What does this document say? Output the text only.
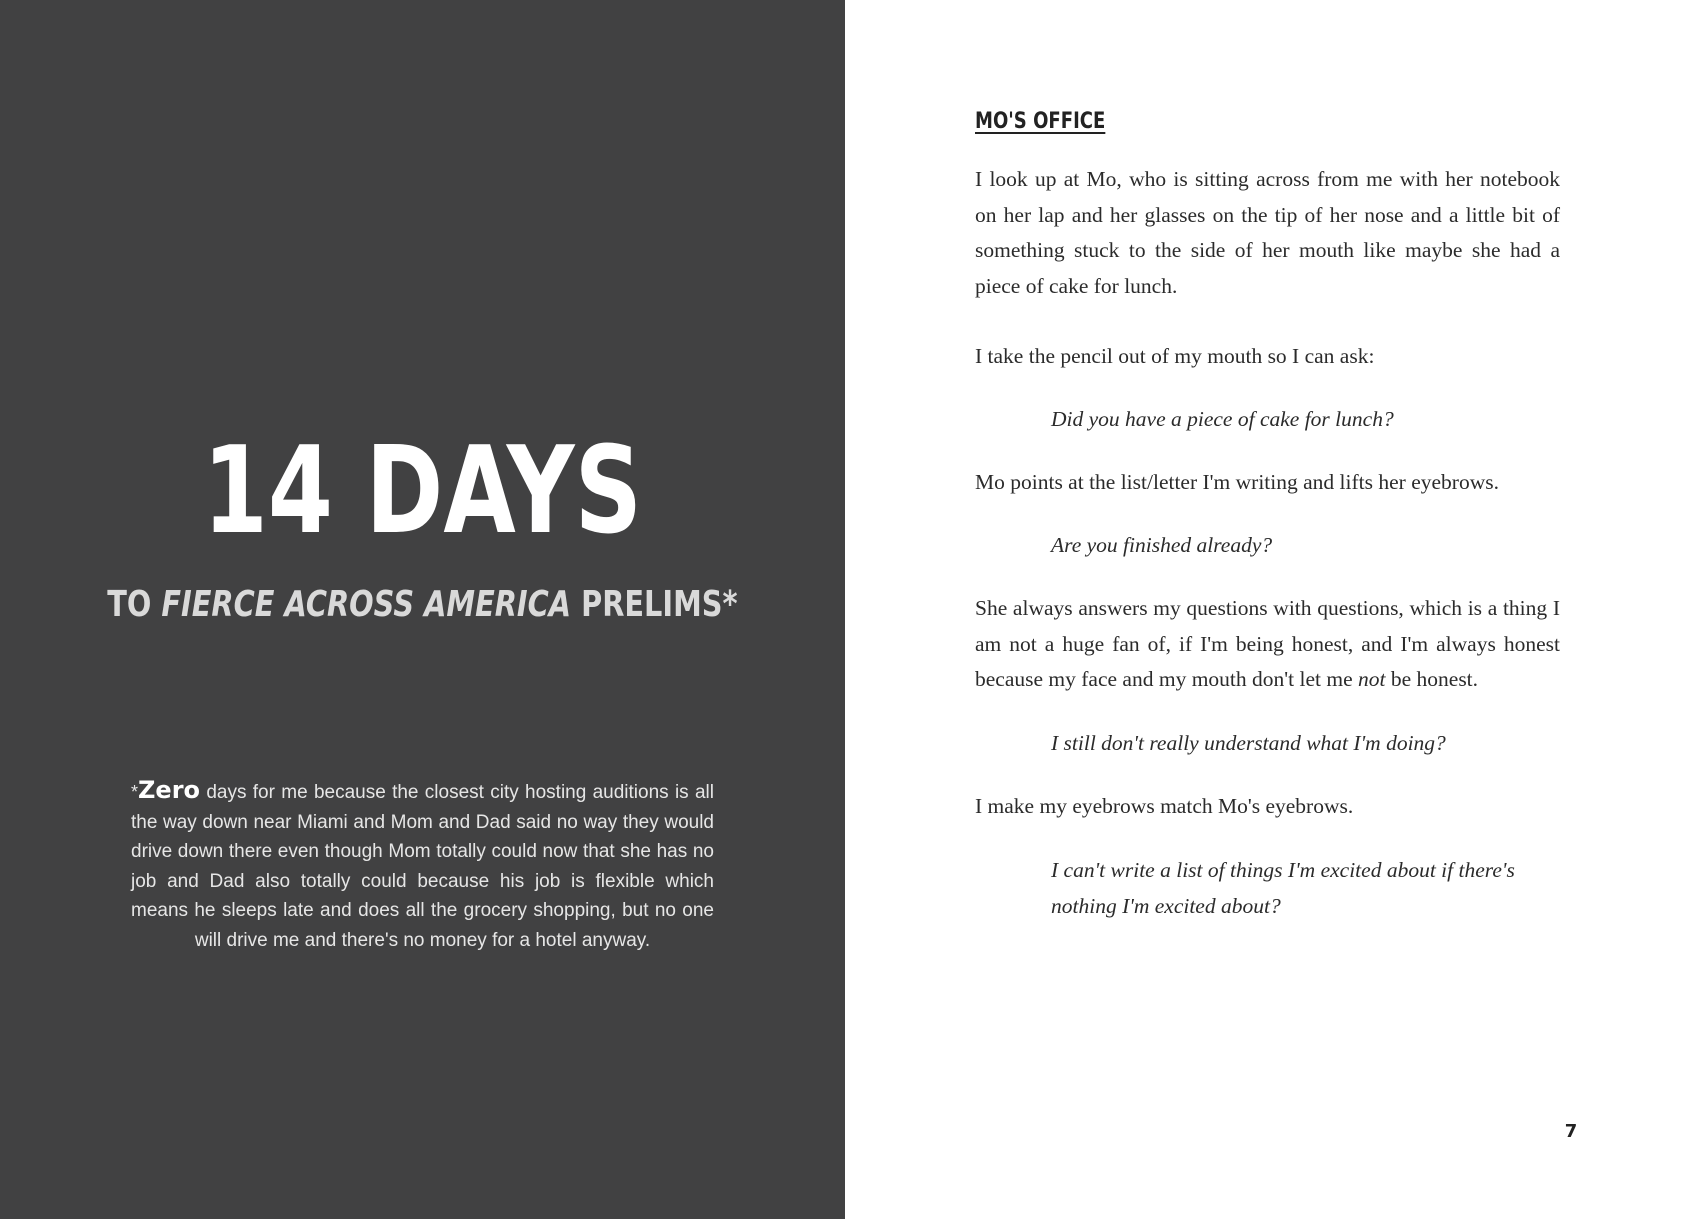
14 DAYS
TO FIERCE ACROSS AMERICA PRELIMS*
*Zero days for me because the closest city hosting auditions is all the way down near Miami and Mom and Dad said no way they would drive down there even though Mom totally could now that she has no job and Dad also totally could because his job is flexible which means he sleeps late and does all the grocery shopping, but no one will drive me and there's no money for a hotel anyway.
MO'S OFFICE

I look up at Mo, who is sitting across from me with her notebook on her lap and her glasses on the tip of her nose and a little bit of something stuck to the side of her mouth like maybe she had a piece of cake for lunch.

I take the pencil out of my mouth so I can ask:

Did you have a piece of cake for lunch?

Mo points at the list/letter I'm writing and lifts her eyebrows.

Are you finished already?

She always answers my questions with questions, which is a thing I am not a huge fan of, if I'm being honest, and I'm always honest because my face and my mouth don't let me not be honest.

I still don't really understand what I'm doing?

I make my eyebrows match Mo's eyebrows.

I can't write a list of things I'm excited about if there's nothing I'm excited about?

7
